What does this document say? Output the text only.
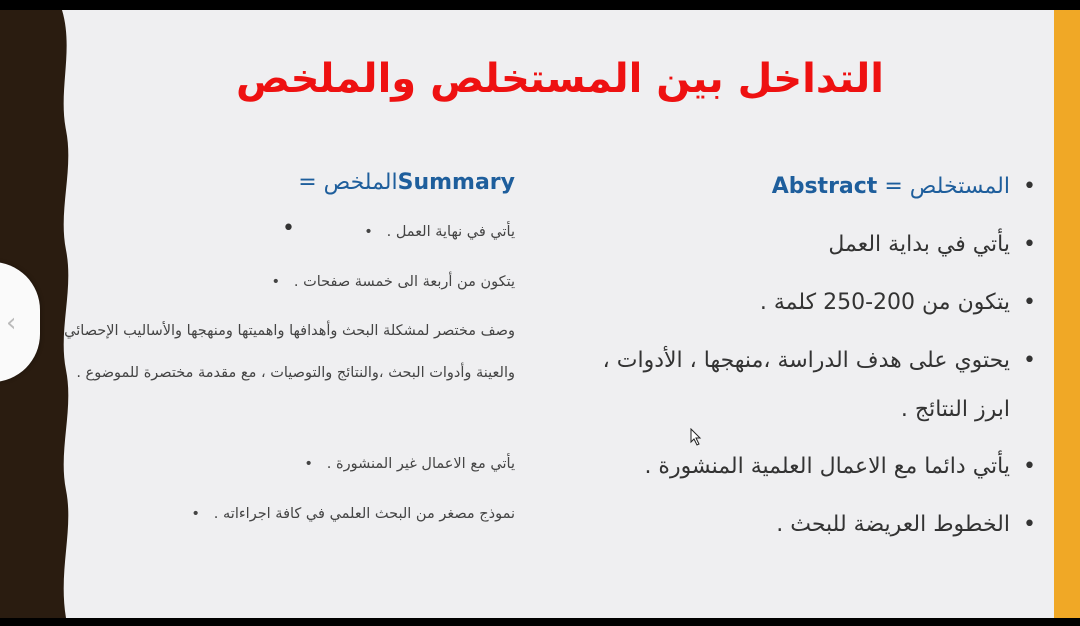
التداخل بين المستخلص والملخص
•
المستخلص = Abstract
•
يأتي في بداية العمل
•
يتكون من 200-250 كلمة .
•
يحتوي على هدف الدراسة ،منهجها ، الأدوات ،
ابرز النتائج .
•
يأتي دائما مع الاعمال العلمية المنشورة .
•
الخطوط العريضة للبحث .
Summaryالملخص =
•	يأتي في نهاية العمل .   •
يتكون من أربعة الى خمسة صفحات .   •
وصف مختصر لمشكلة البحث وأهدافها واهميتها ومنهجها والأساليب الإحصائي والعينة وأدوات البحث ،والنتائج والتوصيات ، مع مقدمة مختصرة للموضوع .
يأتي مع الاعمال غير المنشورة .   •
نموذج مصغر من البحث العلمي في كافة اجراءاته .   •
‹
